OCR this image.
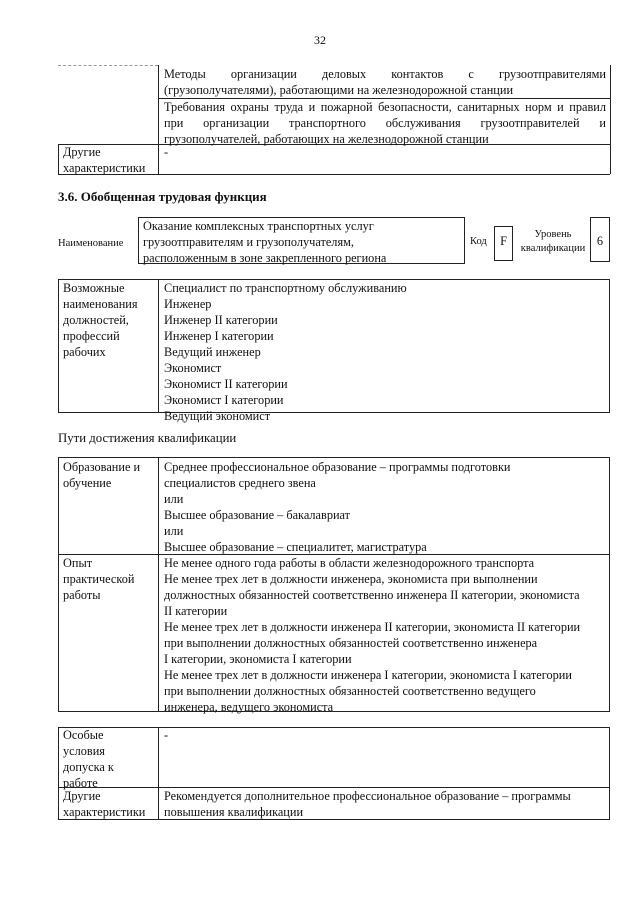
32
Методы организации деловых контактов с грузоотправителями
(грузополучателями), работающими на железнодорожной станции
Требования охраны труда и пожарной безопасности, санитарных норм и правил
при организации транспортного обслуживания грузоотправителей и
грузополучателей, работающих на железнодорожной станции
Другие
характеристики
-
3.6. Обобщенная трудовая функция
Наименование
Оказание комплексных транспортных услуг
грузоотправителям и грузополучателям,
расположенным в зоне закрепленного региона
Код	F	Уровень
квалификации
6
Возможные
наименования
должностей,
профессий
рабочих
Специалист по транспортному обслуживанию
Инженер
Инженер II категории
Инженер I категории
Ведущий инженер
Экономист
Экономист II категории
Экономист I категории
Ведущий экономист
Пути достижения квалификации
Образование и
обучение
Среднее профессиональное образование – программы подготовки
специалистов среднего звена
или
Высшее образование – бакалавриат
или
Высшее образование – специалитет, магистратура
Опыт
практической
работы
Не менее одного года работы в области железнодорожного транспорта
Не менее трех лет в должности инженера, экономиста при выполнении
должностных обязанностей соответственно инженера II категории, экономиста
II категории
Не менее трех лет в должности инженера II категории, экономиста II категории
при выполнении должностных обязанностей соответственно инженера
I категории, экономиста I категории
Не менее трех лет в должности инженера I категории, экономиста I категории
при выполнении должностных обязанностей соответственно ведущего
инженера, ведущего экономиста
Особые
условия
допуска к
работе
-
Другие
характеристики
Рекомендуется дополнительное профессиональное образование – программы
повышения квалификации
